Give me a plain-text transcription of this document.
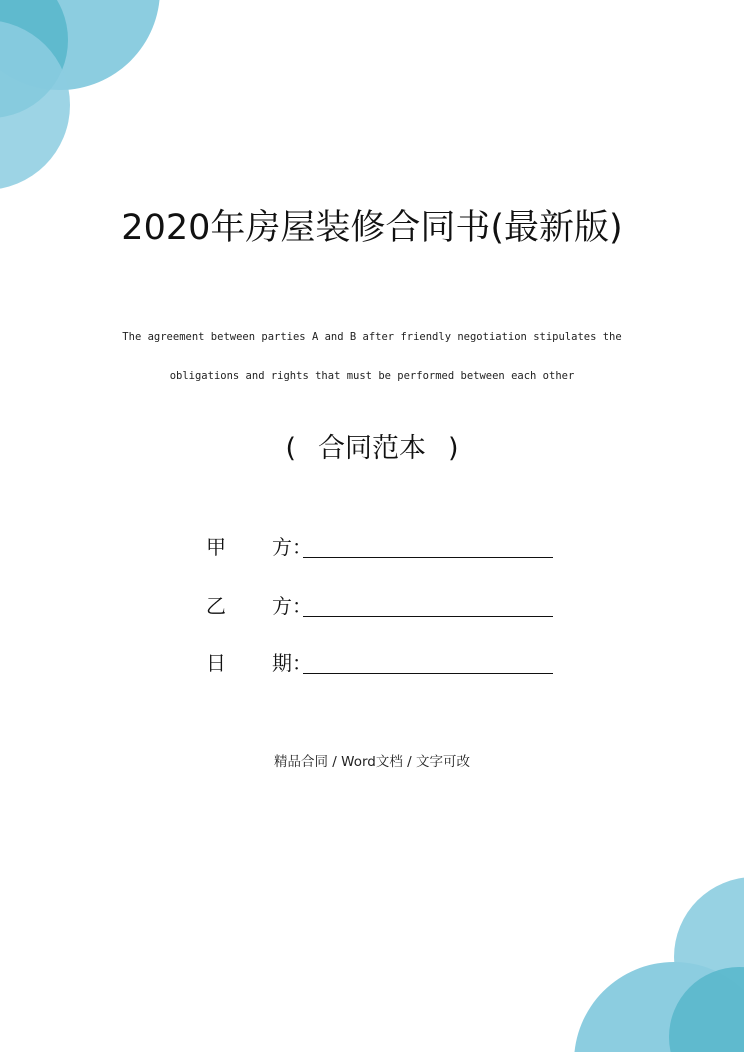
2020年房屋装修合同书(最新版)
The agreement between parties A and B after friendly negotiation stipulates the
obligations and rights that must be performed between each other
( 合同范本 )
甲 方 ：
乙 方 ：
日 期 ：
精品合同 / Word文档 / 文字可改
